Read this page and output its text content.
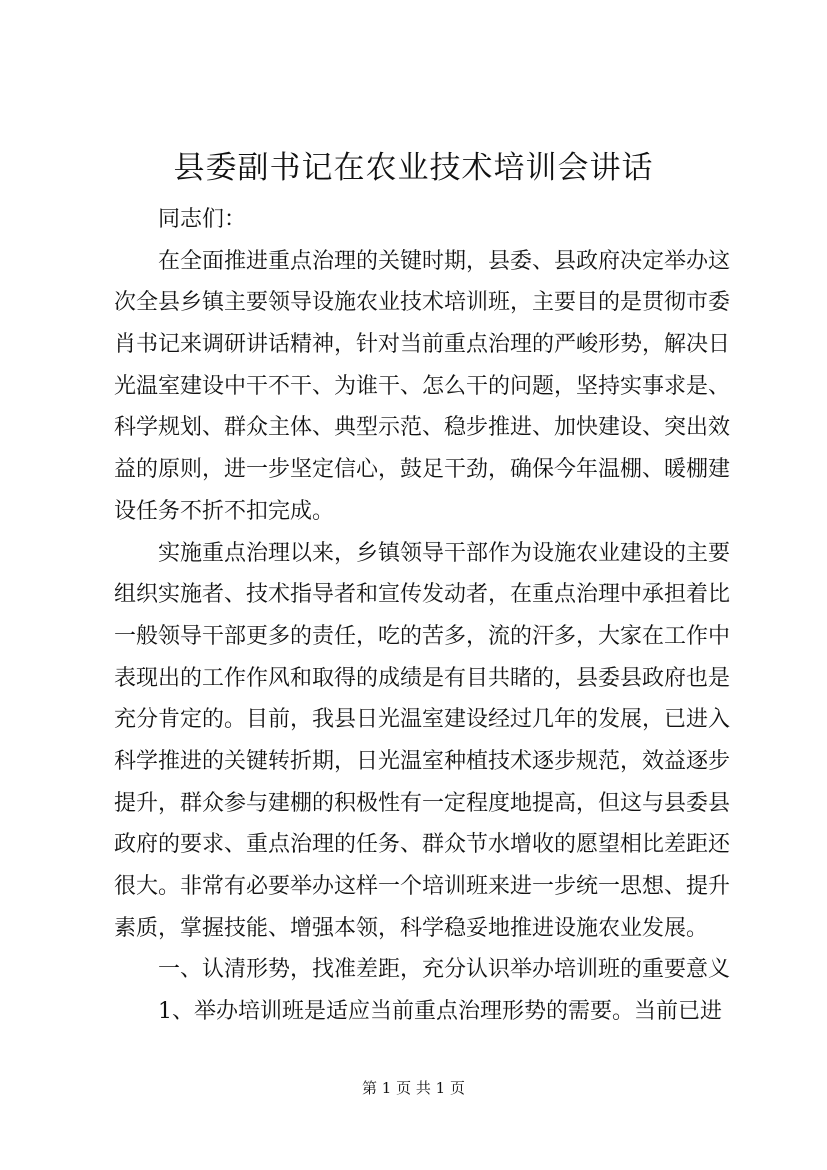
县委副书记在农业技术培训会讲话
同志们：
在全面推进重点治理的关键时期，县委、县政府决定举办这
次全县乡镇主要领导设施农业技术培训班，主要目的是贯彻市委
肖书记来调研讲话精神，针对当前重点治理的严峻形势，解决日
光温室建设中干不干、为谁干、怎么干的问题，坚持实事求是、
科学规划、群众主体、典型示范、稳步推进、加快建设、突出效
益的原则，进一步坚定信心，鼓足干劲，确保今年温棚、暖棚建
设任务不折不扣完成。
实施重点治理以来，乡镇领导干部作为设施农业建设的主要
组织实施者、技术指导者和宣传发动者，在重点治理中承担着比
一般领导干部更多的责任，吃的苦多，流的汗多，大家在工作中
表现出的工作作风和取得的成绩是有目共睹的，县委县政府也是
充分肯定的。目前，我县日光温室建设经过几年的发展，已进入
科学推进的关键转折期，日光温室种植技术逐步规范，效益逐步
提升，群众参与建棚的积极性有一定程度地提高，但这与县委县
政府的要求、重点治理的任务、群众节水增收的愿望相比差距还
很大。非常有必要举办这样一个培训班来进一步统一思想、提升
素质，掌握技能、增强本领，科学稳妥地推进设施农业发展。
一、认清形势，找准差距，充分认识举办培训班的重要意义
1、举办培训班是适应当前重点治理形势的需要。当前已进
第 1 页 共 1 页
